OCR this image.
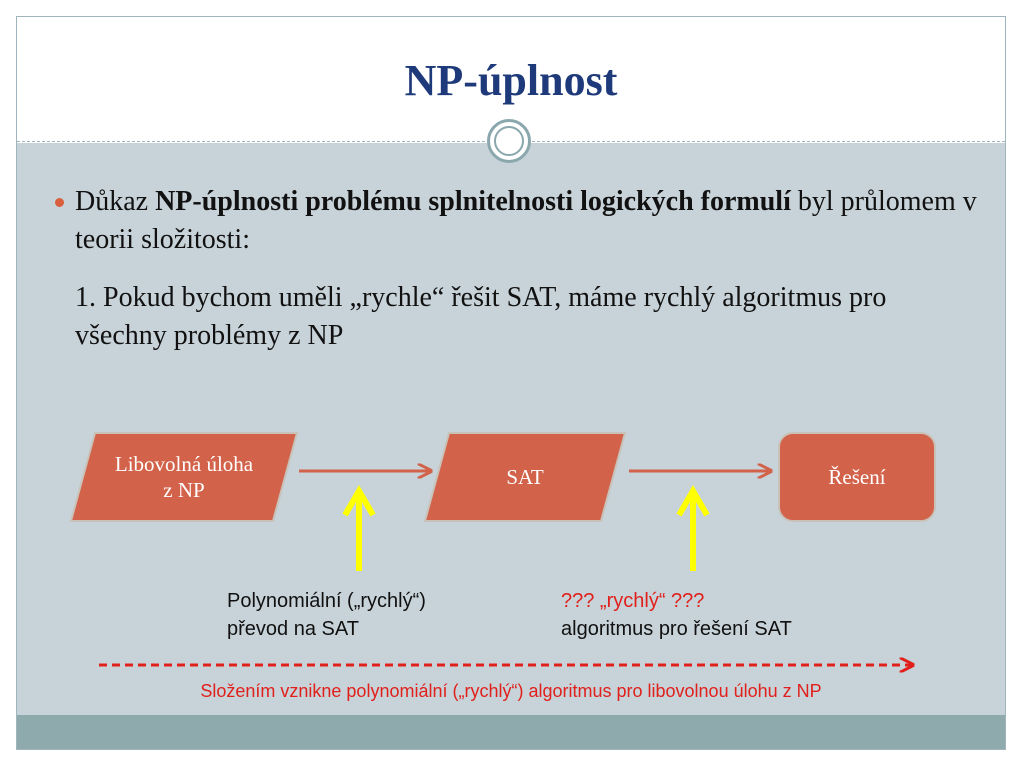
NP-úplnost
Důkaz NP-úplnosti problému splnitelnosti logických formulí byl průlomem v teorii složitosti:
1. Pokud bychom uměli „rychle“ řešit SAT, máme rychlý algoritmus pro všechny problémy z NP
Libovolná úloha z NP
SAT	Řešení
Polynomiální („rychlý“)
převod na SAT
??? „rychlý“ ???
algoritmus pro řešení SAT
Složením vznikne polynomiální („rychlý“) algoritmus pro libovolnou úlohu z NP
